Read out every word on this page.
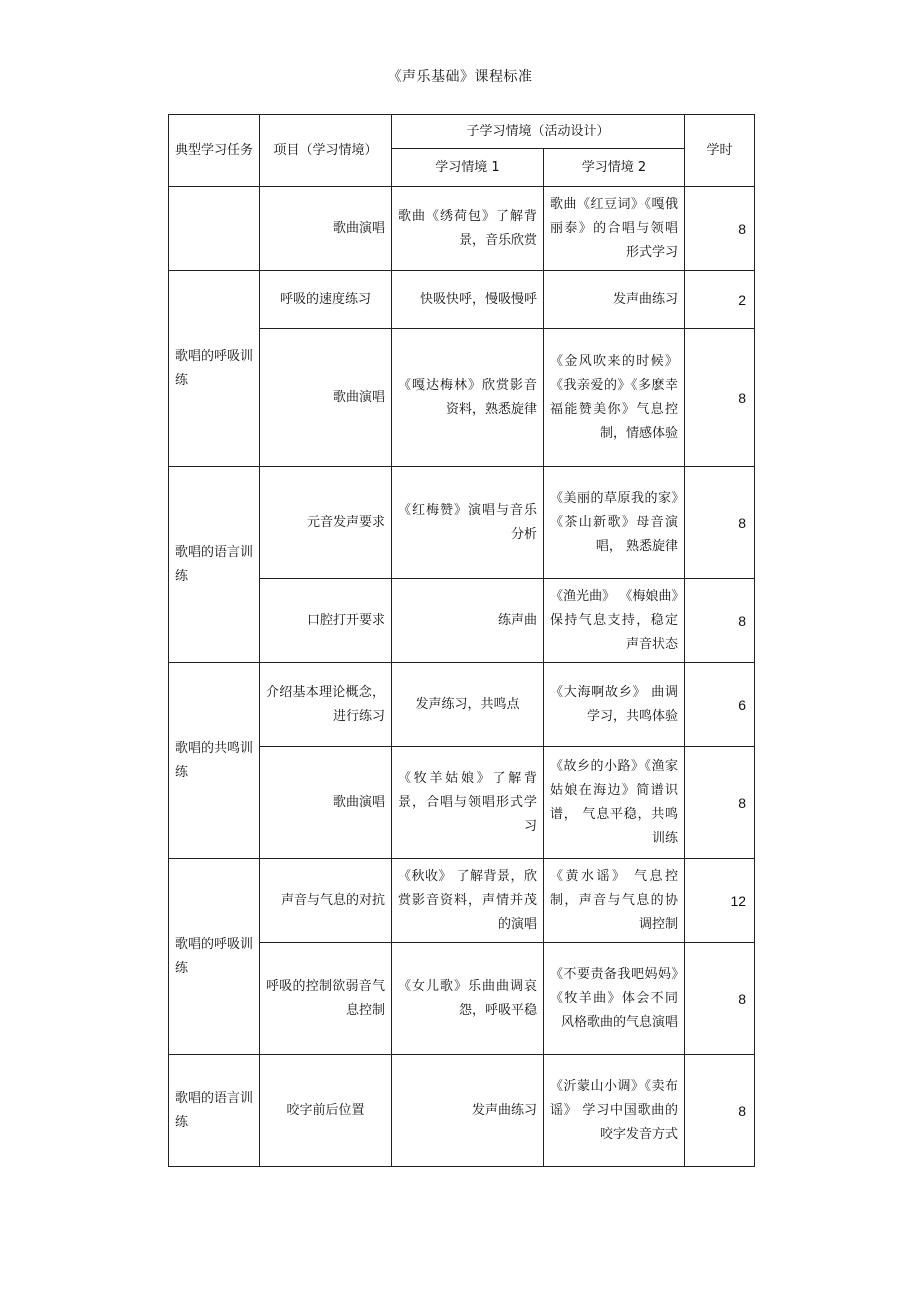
《声乐基础》课程标准
典型学习任务	项目（学习情境）	子学习情境（活动设计）		学时
		学习情境 1	学习情境 2	
	歌曲演唱	歌曲《绣荷包》了解背景，音乐欣赏	歌曲《红豆词》《嘎俄丽泰》的合唱与领唱形式学习	8
歌唱的呼吸训练	呼吸的速度练习	快吸快呼，慢吸慢呼	发声曲练习	2
	歌曲演唱	《嘎达梅林》欣赏影音资料，熟悉旋律	《金风吹来的时候》《我亲爱的》《多麽幸福能赞美你》气息控制，情感体验	8
歌唱的语言训练	元音发声要求	《红梅赞》演唱与音乐分析	《美丽的草原我的家》《茶山新歌》母音演唱， 熟悉旋律	8
	口腔打开要求	练声曲	《渔光曲》 《梅娘曲》保持气息支持，稳定声音状态	8
歌唱的共鸣训练	介绍基本理论概念，进行练习	发声练习，共鸣点	《大海啊故乡》 曲调学习，共鸣体验	6
	歌曲演唱	《牧羊姑娘》了解背景，合唱与领唱形式学习	《故乡的小路》《渔家姑娘在海边》简谱识谱， 气息平稳，共鸣训练	8
歌唱的呼吸训练	声音与气息的对抗	《秋收》 了解背景，欣赏影音资料，声情并茂的演唱	《黄水谣》 气息控制，声音与气息的协调控制	12
	呼吸的控制欲弱音气息控制	《女儿歌》乐曲曲调哀怨，呼吸平稳	《不要责备我吧妈妈》《牧羊曲》体会不同风格歌曲的气息演唱	8
歌唱的语言训练	咬字前后位置	发声曲练习	《沂蒙山小调》《卖布谣》 学习中国歌曲的咬字发音方式	8
